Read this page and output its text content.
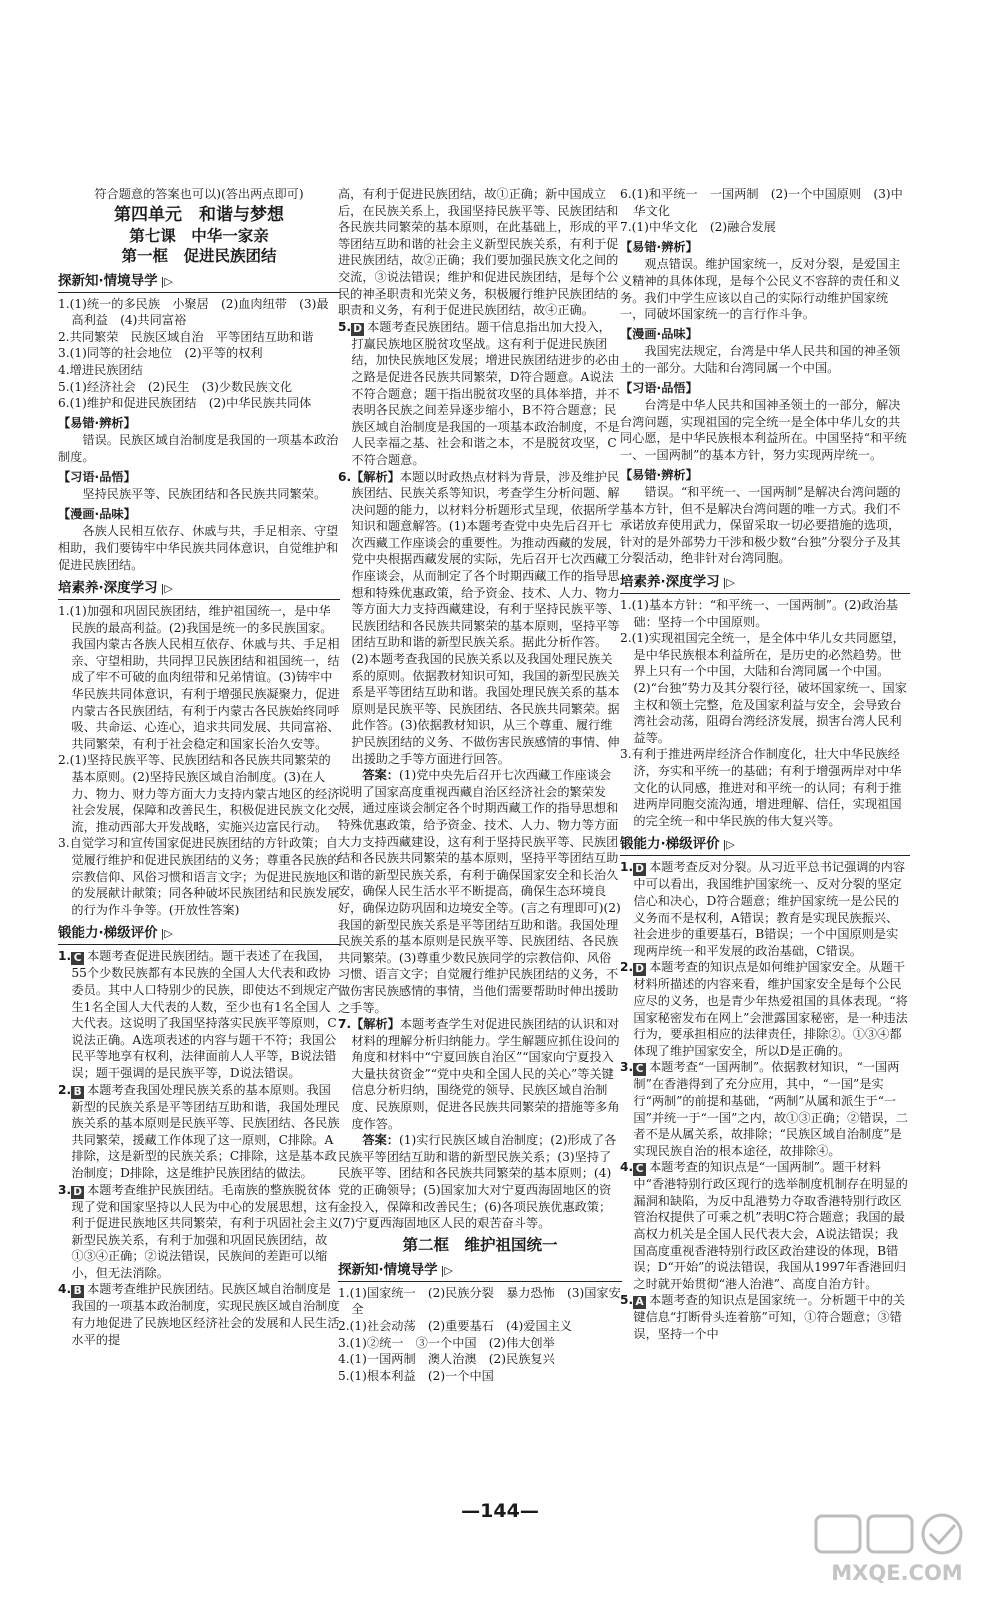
符合题意的答案也可以)(答出两点即可)

第四单元　和谐与梦想
第七课　中华一家亲
第一框　促进民族团结
探新知·情境导学 |▷

1.(1)统一的多民族　小聚居　(2)血肉纽带　(3)最高利益　(4)共同富裕

2.共同繁荣　民族区域自治　平等团结互助和谐

3.(1)同等的社会地位　(2)平等的权利

4.增进民族团结

5.(1)经济社会　(2)民生　(3)少数民族文化

6.(1)维护和促进民族团结　(2)中华民族共同体

【易错·辨析】

错误。民族区域自治制度是我国的一项基本政治制度。

【习语·品悟】

坚持民族平等、民族团结和各民族共同繁荣。

【漫画·品味】

各族人民相互依存、休戚与共，手足相亲、守望相助，我们要铸牢中华民族共同体意识，自觉维护和促进民族团结。

培素养·深度学习 |▷

1.(1)加强和巩固民族团结，维护祖国统一，是中华民族的最高利益。(2)我国是统一的多民族国家。我国内蒙古各族人民相互依存、休戚与共、手足相亲、守望相助，共同捍卫民族团结和祖国统一，结成了牢不可破的血肉纽带和兄弟情谊。(3)铸牢中华民族共同体意识，有利于增强民族凝聚力，促进内蒙古各民族团结，有利于内蒙古各民族始终同呼吸、共命运、心连心，追求共同发展、共同富裕、共同繁荣，有利于社会稳定和国家长治久安等。

2.(1)坚持民族平等、民族团结和各民族共同繁荣的基本原则。(2)坚持民族区域自治制度。(3)在人力、物力、财力等方面大力支持内蒙古地区的经济社会发展，保障和改善民生，积极促进民族文化交流，推动西部大开发战略，实施兴边富民行动。

3.自觉学习和宣传国家促进民族团结的方针政策；自觉履行维护和促进民族团结的义务；尊重各民族的宗教信仰、风俗习惯和语言文字；为促进民族地区的发展献计献策；同各种破坏民族团结和民族发展的行为作斗争等。(开放性答案)

锻能力·梯级评价 |▷

1. C 本题考查促进民族团结。题干表述了在我国，55个少数民族都有本民族的全国人大代表和政协委员。其中人口特别少的民族，即使达不到规定产生1名全国人大代表的人数，至少也有1名全国人大代表。这说明了我国坚持落实民族平等原则，C说法正确。A选项表述的内容与题干不符；我国公民平等地享有权利，法律面前人人平等，B说法错误；题干强调的是民族平等，D说法错误。

2. B 本题考查我国处理民族关系的基本原则。我国新型的民族关系是平等团结互助和谐，我国处理民族关系的基本原则是民族平等、民族团结、各民族共同繁荣，援藏工作体现了这一原则，C排除。A排除，这是新型的民族关系；C排除，这是基本政治制度；D排除，这是维护民族团结的做法。

3. D 本题考查维护民族团结。毛南族的整族脱贫体现了党和国家坚持以人民为中心的发展思想，这有利于促进民族地区共同繁荣，有利于巩固社会主义新型民族关系，有利于加强和巩固民族团结，故①③④正确；②说法错误，民族间的差距可以缩小，但无法消除。

4. B 本题考查维护民族团结。民族区域自治制度是我国的一项基本政治制度，实现民族区域自治制度有力地促进了民族地区经济社会的发展和人民生活水平的提

高，有利于促进民族团结，故①正确；新中国成立后，在民族关系上，我国坚持民族平等、民族团结和各民族共同繁荣的基本原则，在此基础上，形成的平等团结互助和谐的社会主义新型民族关系，有利于促进民族团结，故②正确；我们要加强民族文化之间的交流，③说法错误；维护和促进民族团结，是每个公民的神圣职责和光荣义务，积极履行维护民族团结的职责和义务，有利于促进民族团结，故④正确。

5. D 本题考查民族团结。题干信息指出加大投入，打赢民族地区脱贫攻坚战。这有利于促进民族团结，加快民族地区发展；增进民族团结进步的必由之路是促进各民族共同繁荣，D符合题意。A说法不符合题意；题干指出脱贫攻坚的具体举措，并不表明各民族之间差异逐步缩小，B不符合题意；民族区域自治制度是我国的一项基本政治制度，不是人民幸福之基、社会和谐之本，不是脱贫攻坚，C不符合题意。

6.【解析】本题以时政热点材料为背景，涉及维护民族团结、民族关系等知识，考查学生分析问题、解决问题的能力，以材料分析题形式呈现，依据所学知识和题意解答。(1)本题考查党中央先后召开七次西藏工作座谈会的重要性。为推动西藏的发展，党中央根据西藏发展的实际，先后召开七次西藏工作座谈会，从而制定了各个时期西藏工作的指导思想和特殊优惠政策，给予资金、技术、人力、物力等方面大力支持西藏建设，有利于坚持民族平等、民族团结和各民族共同繁荣的基本原则，坚持平等团结互助和谐的新型民族关系。据此分析作答。(2)本题考查我国的民族关系以及我国处理民族关系的原则。依据教材知识可知，我国的新型民族关系是平等团结互助和谐。我国处理民族关系的基本原则是民族平等、民族团结、各民族共同繁荣。据此作答。(3)依据教材知识，从三个尊重、履行维护民族团结的义务、不做伤害民族感情的事情、伸出援助之手等方面进行回答。

答案：(1)党中央先后召开七次西藏工作座谈会说明了国家高度重视西藏自治区经济社会的繁荣发展，通过座谈会制定各个时期西藏工作的指导思想和特殊优惠政策，给予资金、技术、人力、物力等方面大力支持西藏建设，这有利于坚持民族平等、民族团结和各民族共同繁荣的基本原则，坚持平等团结互助和谐的新型民族关系，有利于确保国家安全和长治久安，确保人民生活水平不断提高，确保生态环境良好，确保边防巩固和边境安全等。(言之有理即可)(2)我国的新型民族关系是平等团结互助和谐。我国处理民族关系的基本原则是民族平等、民族团结、各民族共同繁荣。(3)尊重少数民族同学的宗教信仰、风俗习惯、语言文字；自觉履行维护民族团结的义务，不做伤害民族感情的事情，当他们需要帮助时伸出援助之手等。

7.【解析】本题考查学生对促进民族团结的认识和对材料的理解分析归纳能力。学生解题应抓住设问的角度和材料中“宁夏回族自治区”“国家向宁夏投入大量扶贫资金”“党中央和全国人民的关心”等关键信息分析归纳，围绕党的领导、民族区域自治制度、民族原则，促进各民族共同繁荣的措施等多角度作答。

答案：(1)实行民族区域自治制度；(2)形成了各民族平等团结互助和谐的新型民族关系；(3)坚持了民族平等、团结和各民族共同繁荣的基本原则；(4)党的正确领导；(5)国家加大对宁夏西海固地区的资金投入，保障和改善民生；(6)各项民族优惠政策；(7)宁夏西海固地区人民的艰苦奋斗等。

第二框　维护祖国统一
探新知·情境导学 |▷

1.(1)国家统一　(2)民族分裂　暴力恐怖　(3)国家安全

2.(1)社会动荡　(2)重要基石　(4)爱国主义

3.(1)②统一　③一个中国　(2)伟大创举

4.(1)一国两制　澳人治澳　(2)民族复兴

5.(1)根本利益　(2)一个中国

6.(1)和平统一　一国两制　(2)一个中国原则　(3)中华文化

7.(1)中华文化　(2)融合发展

【易错·辨析】

观点错误。维护国家统一，反对分裂，是爱国主义精神的具体体现，是每个公民义不容辞的责任和义务。我们中学生应该以自己的实际行动维护国家统一，同破坏国家统一的言行作斗争。

【漫画·品味】

我国宪法规定，台湾是中华人民共和国的神圣领土的一部分。大陆和台湾同属一个中国。

【习语·品悟】

台湾是中华人民共和国神圣领土的一部分，解决台湾问题，实现祖国的完全统一是全体中华儿女的共同心愿，是中华民族根本利益所在。中国坚持“和平统一、一国两制”的基本方针，努力实现两岸统一。

【易错·辨析】

错误。“和平统一、一国两制”是解决台湾问题的基本方针，但不是解决台湾问题的唯一方式。我们不承诺放弃使用武力，保留采取一切必要措施的选项，针对的是外部势力干涉和极少数“台独”分裂分子及其分裂活动，绝非针对台湾同胞。

培素养·深度学习 |▷

1.(1)基本方针：“和平统一、一国两制”。(2)政治基础：坚持一个中国原则。

2.(1)实现祖国完全统一，是全体中华儿女共同愿望，是中华民族根本利益所在，是历史的必然趋势。世界上只有一个中国，大陆和台湾同属一个中国。(2)“台独”势力及其分裂行径，破坏国家统一、国家主权和领土完整，危及国家利益与安全，会导致台湾社会动荡，阻碍台湾经济发展，损害台湾人民利益等。

3.有利于推进两岸经济合作制度化，壮大中华民族经济，夯实和平统一的基础；有利于增强两岸对中华文化的认同感，推进对和平统一的认同；有利于推进两岸同胞交流沟通，增进理解、信任，实现祖国的完全统一和中华民族的伟大复兴等。

锻能力·梯级评价 |▷

1. D 本题考查反对分裂。从习近平总书记强调的内容中可以看出，我国维护国家统一、反对分裂的坚定信心和决心，D符合题意；维护国家统一是公民的义务而不是权利，A错误；教育是实现民族振兴、社会进步的重要基石，B错误；一个中国原则是实现两岸统一和平发展的政治基础，C错误。

2. D 本题考查的知识点是如何维护国家安全。从题干材料所描述的内容来看，维护国家安全是每个公民应尽的义务，也是青少年热爱祖国的具体表现。“将国家秘密发布在网上”会泄露国家秘密，是一种违法行为，要承担相应的法律责任，排除②。①③④都体现了维护国家安全，所以D是正确的。

3. C 本题考查“一国两制”。依据教材知识，“一国两制”在香港得到了充分应用，其中，“一国”是实行“两制”的前提和基础，“两制”从属和派生于“一国”并统一于“一国”之内，故①③正确；②错误，二者不是从属关系，故排除；“民族区域自治制度”是实现民族自治的根本途径，故排除④。

4. C 本题考查的知识点是“一国两制”。题干材料中“香港特别行政区现行的选举制度机制存在明显的漏洞和缺陷，为反中乱港势力夺取香港特别行政区管治权提供了可乘之机”表明C符合题意；我国的最高权力机关是全国人民代表大会，A说法错误；我国高度重视香港特别行政区政治建设的体现，B错误；D“开始”的说法错误，我国从1997年香港回归之时就开始贯彻“港人治港”、高度自治方针。

5. A 本题考查的知识点是国家统一。分析题干中的关键信息“打断骨头连着筋”可知，①符合题意；③错误，坚持一个中

—144—
MXQE.COM
